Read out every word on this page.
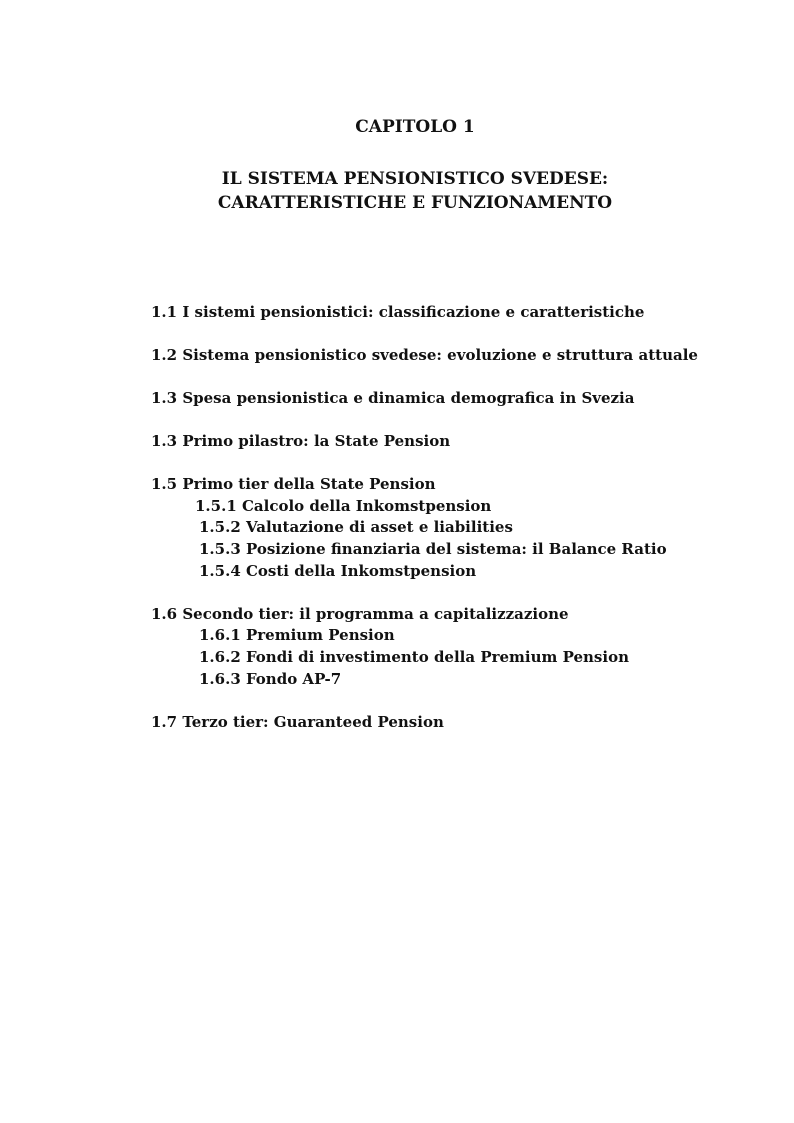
CAPITOLO 1
IL SISTEMA PENSIONISTICO SVEDESE:
CARATTERISTICHE E FUNZIONAMENTO

1.1 I sistemi pensionistici: classificazione e caratteristiche

1.2 Sistema pensionistico svedese: evoluzione e struttura attuale

1.3 Spesa pensionistica e dinamica demografica in Svezia

1.3 Primo pilastro: la State Pension

1.5 Primo tier della State Pension

1.5.1 Calcolo della Inkomstpension

1.5.2 Valutazione di asset e liabilities

1.5.3 Posizione finanziaria del sistema: il Balance Ratio

1.5.4 Costi della Inkomstpension

1.6 Secondo tier: il programma a capitalizzazione

1.6.1 Premium Pension

1.6.2 Fondi di investimento della Premium Pension

1.6.3 Fondo AP-7

1.7 Terzo tier: Guaranteed Pension
